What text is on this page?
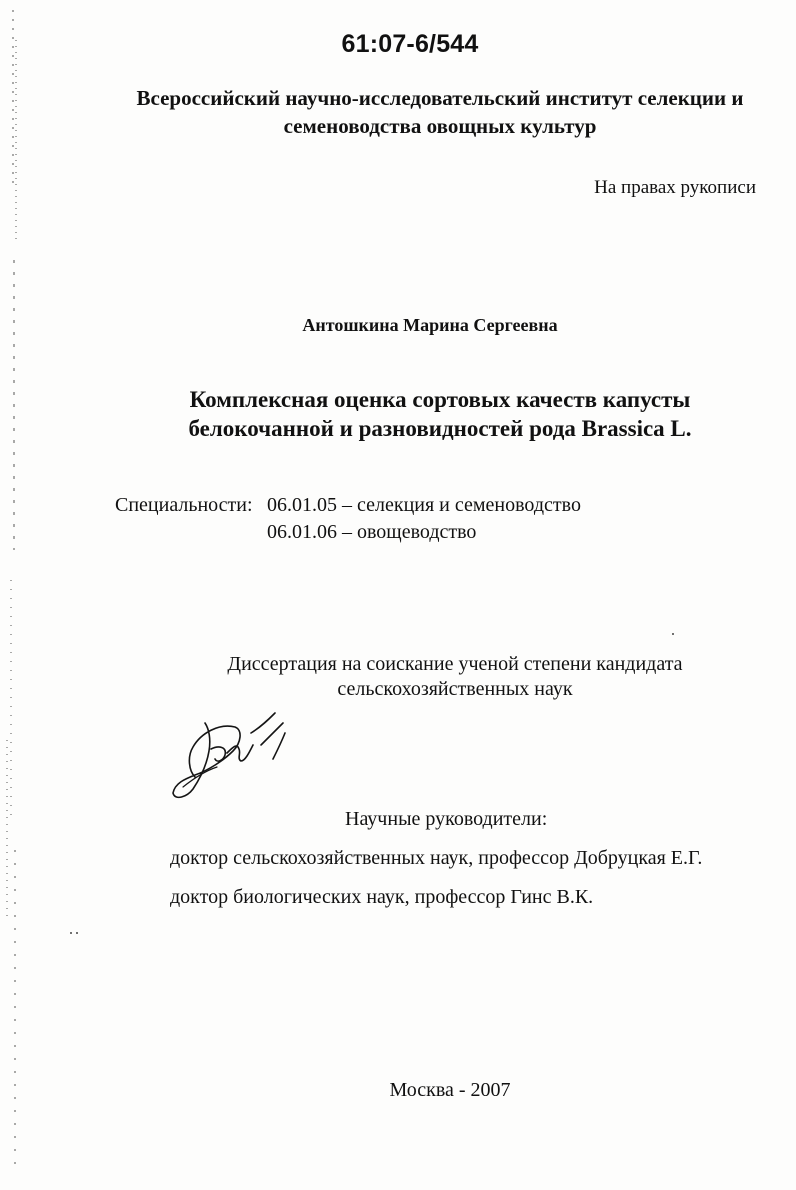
61:07-6/544

Всероссийский научно-исследовательский институт селекции и
семеноводства овощных культур

На правах рукописи

Антошкина Марина Сергеевна

Комплексная оценка сортовых качеств капусты
белокочанной и разновидностей рода Brassica L.

Специальности: 06.01.05 – селекция и семеноводство

06.01.06 – овощеводство

Диссертация на соискание ученой степени кандидата
сельскохозяйственных наук

Научные руководители:

доктор сельскохозяйственных наук, профессор Добруцкая Е.Г.

доктор биологических наук, профессор Гинс В.К.

Москва - 2007
